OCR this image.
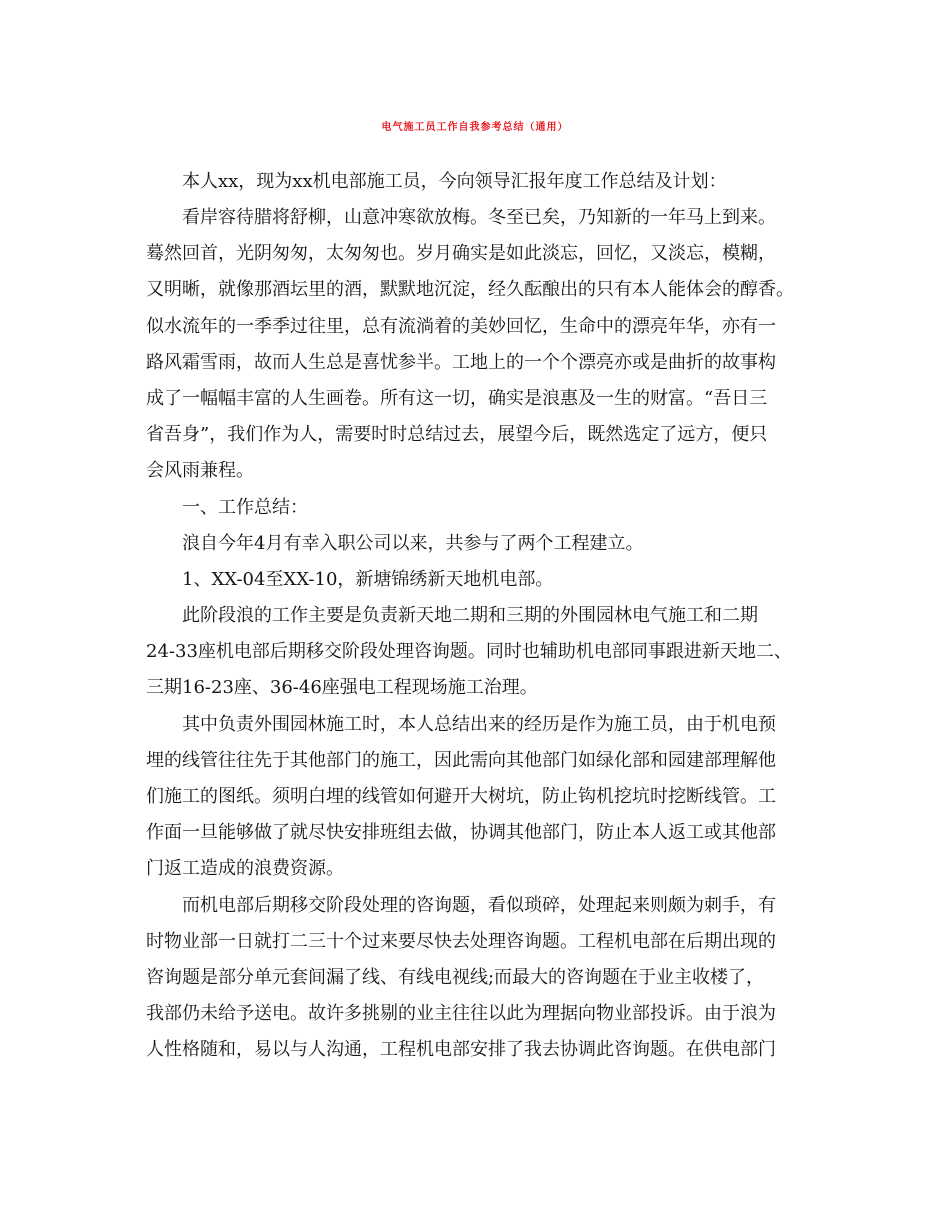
电气施工员工作自我参考总结（通用）
本人xx，现为xx机电部施工员，今向领导汇报年度工作总结及计划：
看岸容待腊将舒柳，山意冲寒欲放梅。冬至已矣，乃知新的一年马上到来。
蓦然回首，光阴匆匆，太匆匆也。岁月确实是如此淡忘，回忆，又淡忘，模糊，
又明晰，就像那酒坛里的酒，默默地沉淀，经久酝酿出的只有本人能体会的醇香。
似水流年的一季季过往里，总有流淌着的美妙回忆，生命中的漂亮年华，亦有一
路风霜雪雨，故而人生总是喜忧参半。工地上的一个个漂亮亦或是曲折的故事构
成了一幅幅丰富的人生画卷。所有这一切，确实是浪惠及一生的财富。“吾日三
省吾身”，我们作为人，需要时时总结过去，展望今后，既然选定了远方，便只
会风雨兼程。
一、工作总结：
浪自今年4月有幸入职公司以来，共参与了两个工程建立。
1、XX-04至XX-10，新塘锦绣新天地机电部。
此阶段浪的工作主要是负责新天地二期和三期的外围园林电气施工和二期
24-33座机电部后期移交阶段处理咨询题。同时也辅助机电部同事跟进新天地二、
三期16-23座、36-46座强电工程现场施工治理。
其中负责外围园林施工时，本人总结出来的经历是作为施工员，由于机电预
埋的线管往往先于其他部门的施工，因此需向其他部门如绿化部和园建部理解他
们施工的图纸。须明白埋的线管如何避开大树坑，防止钩机挖坑时挖断线管。工
作面一旦能够做了就尽快安排班组去做，协调其他部门，防止本人返工或其他部
门返工造成的浪费资源。
而机电部后期移交阶段处理的咨询题，看似琐碎，处理起来则颇为刺手，有
时物业部一日就打二三十个过来要尽快去处理咨询题。工程机电部在后期出现的
咨询题是部分单元套间漏了线、有线电视线;而最大的咨询题在于业主收楼了，
我部仍未给予送电。故许多挑剔的业主往往以此为理据向物业部投诉。由于浪为
人性格随和，易以与人沟通，工程机电部安排了我去协调此咨询题。在供电部门
